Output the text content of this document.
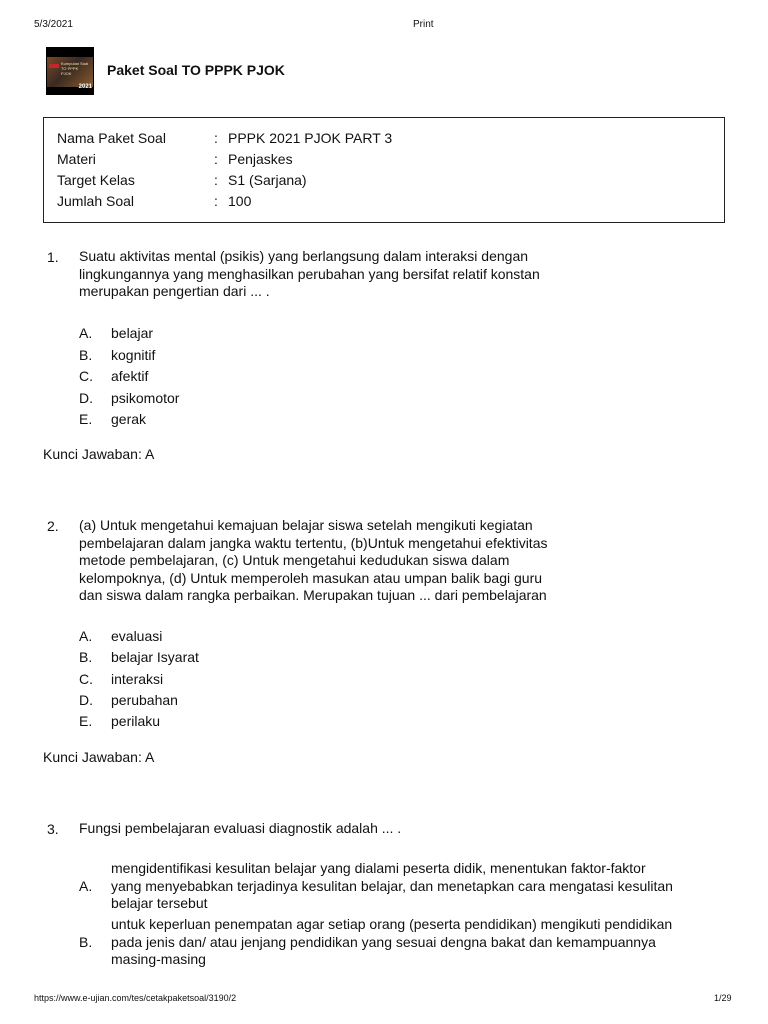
5/3/2021	Print
Kumpulan Soal TO PPPK PJOK
2021
Paket Soal TO PPPK PJOK
Nama Paket Soal	: PPPK 2021 PJOK PART 3
Materi	: Penjaskes
Target Kelas	: S1 (Sarjana)
Jumlah Soal	: 100
1. Suatu aktivitas mental (psikis) yang berlangsung dalam interaksi dengan
lingkungannya yang menghasilkan perubahan yang bersifat relatif konstan
merupakan pengertian dari ... .
A. belajar
B. kognitif
C. afektif
D. psikomotor
E. gerak
Kunci Jawaban: A
2. (a) Untuk mengetahui kemajuan belajar siswa setelah mengikuti kegiatan
pembelajaran dalam jangka waktu tertentu, (b)Untuk mengetahui efektivitas
metode pembelajaran, (c) Untuk mengetahui kedudukan siswa dalam
kelompoknya, (d) Untuk memperoleh masukan atau umpan balik bagi guru
dan siswa dalam rangka perbaikan. Merupakan tujuan ... dari pembelajaran
A. evaluasi
B. belajar Isyarat
C. interaksi
D. perubahan
E. perilaku
Kunci Jawaban: A
3. Fungsi pembelajaran evaluasi diagnostik adalah ... .
A.
mengidentifikasi kesulitan belajar yang dialami peserta didik, menentukan faktor-faktor
yang menyebabkan terjadinya kesulitan belajar, dan menetapkan cara mengatasi kesulitan
belajar tersebut
B.
untuk keperluan penempatan agar setiap orang (peserta pendidikan) mengikuti pendidikan
pada jenis dan/ atau jenjang pendidikan yang sesuai dengna bakat dan kemampuannya
masing-masing
https://www.e-ujian.com/tes/cetakpaketsoal/3190/2	1/29
